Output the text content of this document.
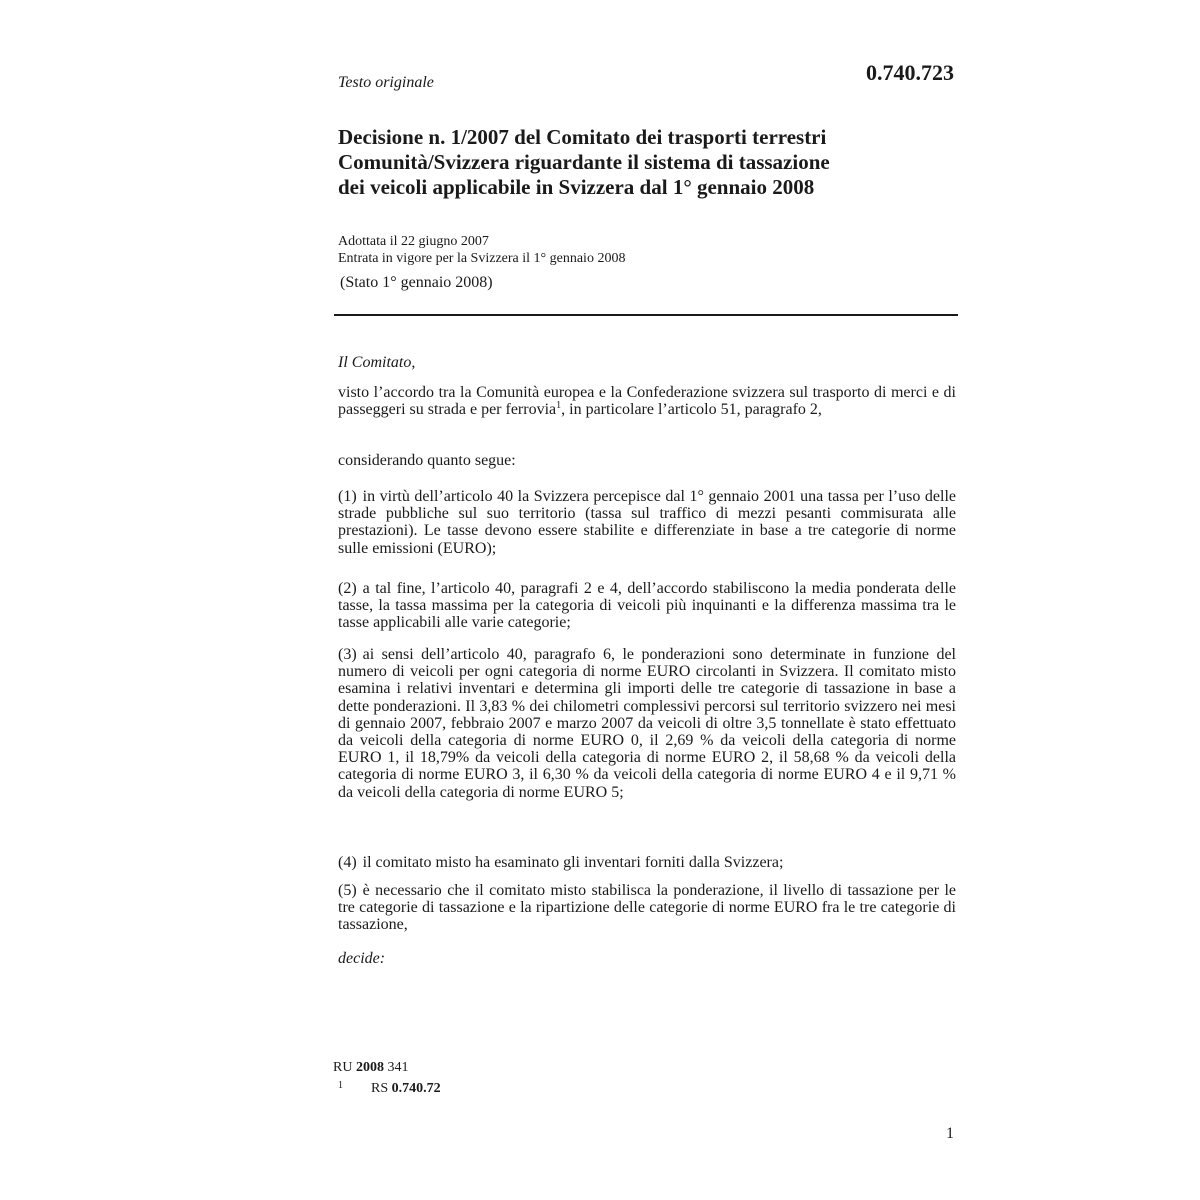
Testo originale	0.740.723
Decisione n. 1/2007 del Comitato dei trasporti terrestri
Comunità/Svizzera riguardante il sistema di tassazione
dei veicoli applicabile in Svizzera dal 1° gennaio 2008
Adottata il 22 giugno 2007
Entrata in vigore per la Svizzera il 1° gennaio 2008
(Stato 1° gennaio 2008)
Il Comitato,
visto l’accordo tra la Comunità europea e la Confederazione svizzera sul trasporto di merci e di passeggeri su strada e per ferrovia$^1$, in particolare l’articolo 51, paragrafo 2,
considerando quanto segue:
(1) in virtù dell’articolo 40 la Svizzera percepisce dal 1° gennaio 2001 una tassa per l’uso delle strade pubbliche sul suo territorio (tassa sul traffico di mezzi pesanti commisurata alle prestazioni). Le tasse devono essere stabilite e differenziate in base a tre categorie di norme sulle emissioni (EURO);
(2) a tal fine, l’articolo 40, paragrafi 2 e 4, dell’accordo stabiliscono la media ponderata delle tasse, la tassa massima per la categoria di veicoli più inquinanti e la differenza massima tra le tasse applicabili alle varie categorie;
(3) ai sensi dell’articolo 40, paragrafo 6, le ponderazioni sono determinate in funzione del numero di veicoli per ogni categoria di norme EURO circolanti in Svizzera. Il comitato misto esamina i relativi inventari e determina gli importi delle tre categorie di tassazione in base a dette ponderazioni. Il 3,83 % dei chilometri complessivi percorsi sul territorio svizzero nei mesi di gennaio 2007, febbraio 2007 e marzo 2007 da veicoli di oltre 3,5 tonnellate è stato effettuato da veicoli della categoria di norme EURO 0, il 2,69 % da veicoli della categoria di norme EURO 1, il 18,79% da veicoli della categoria di norme EURO 2, il 58,68 % da veicoli della categoria di norme EURO 3, il 6,30 % da veicoli della categoria di norme EURO 4 e il 9,71 % da veicoli della categoria di norme EURO 5;
(4) il comitato misto ha esaminato gli inventari forniti dalla Svizzera;
(5) è necessario che il comitato misto stabilisca la ponderazione, il livello di tassazione per le tre categorie di tassazione e la ripartizione delle categorie di norme EURO fra le tre categorie di tassazione,
decide:
RU 2008 341
1 RS 0.740.72
1
